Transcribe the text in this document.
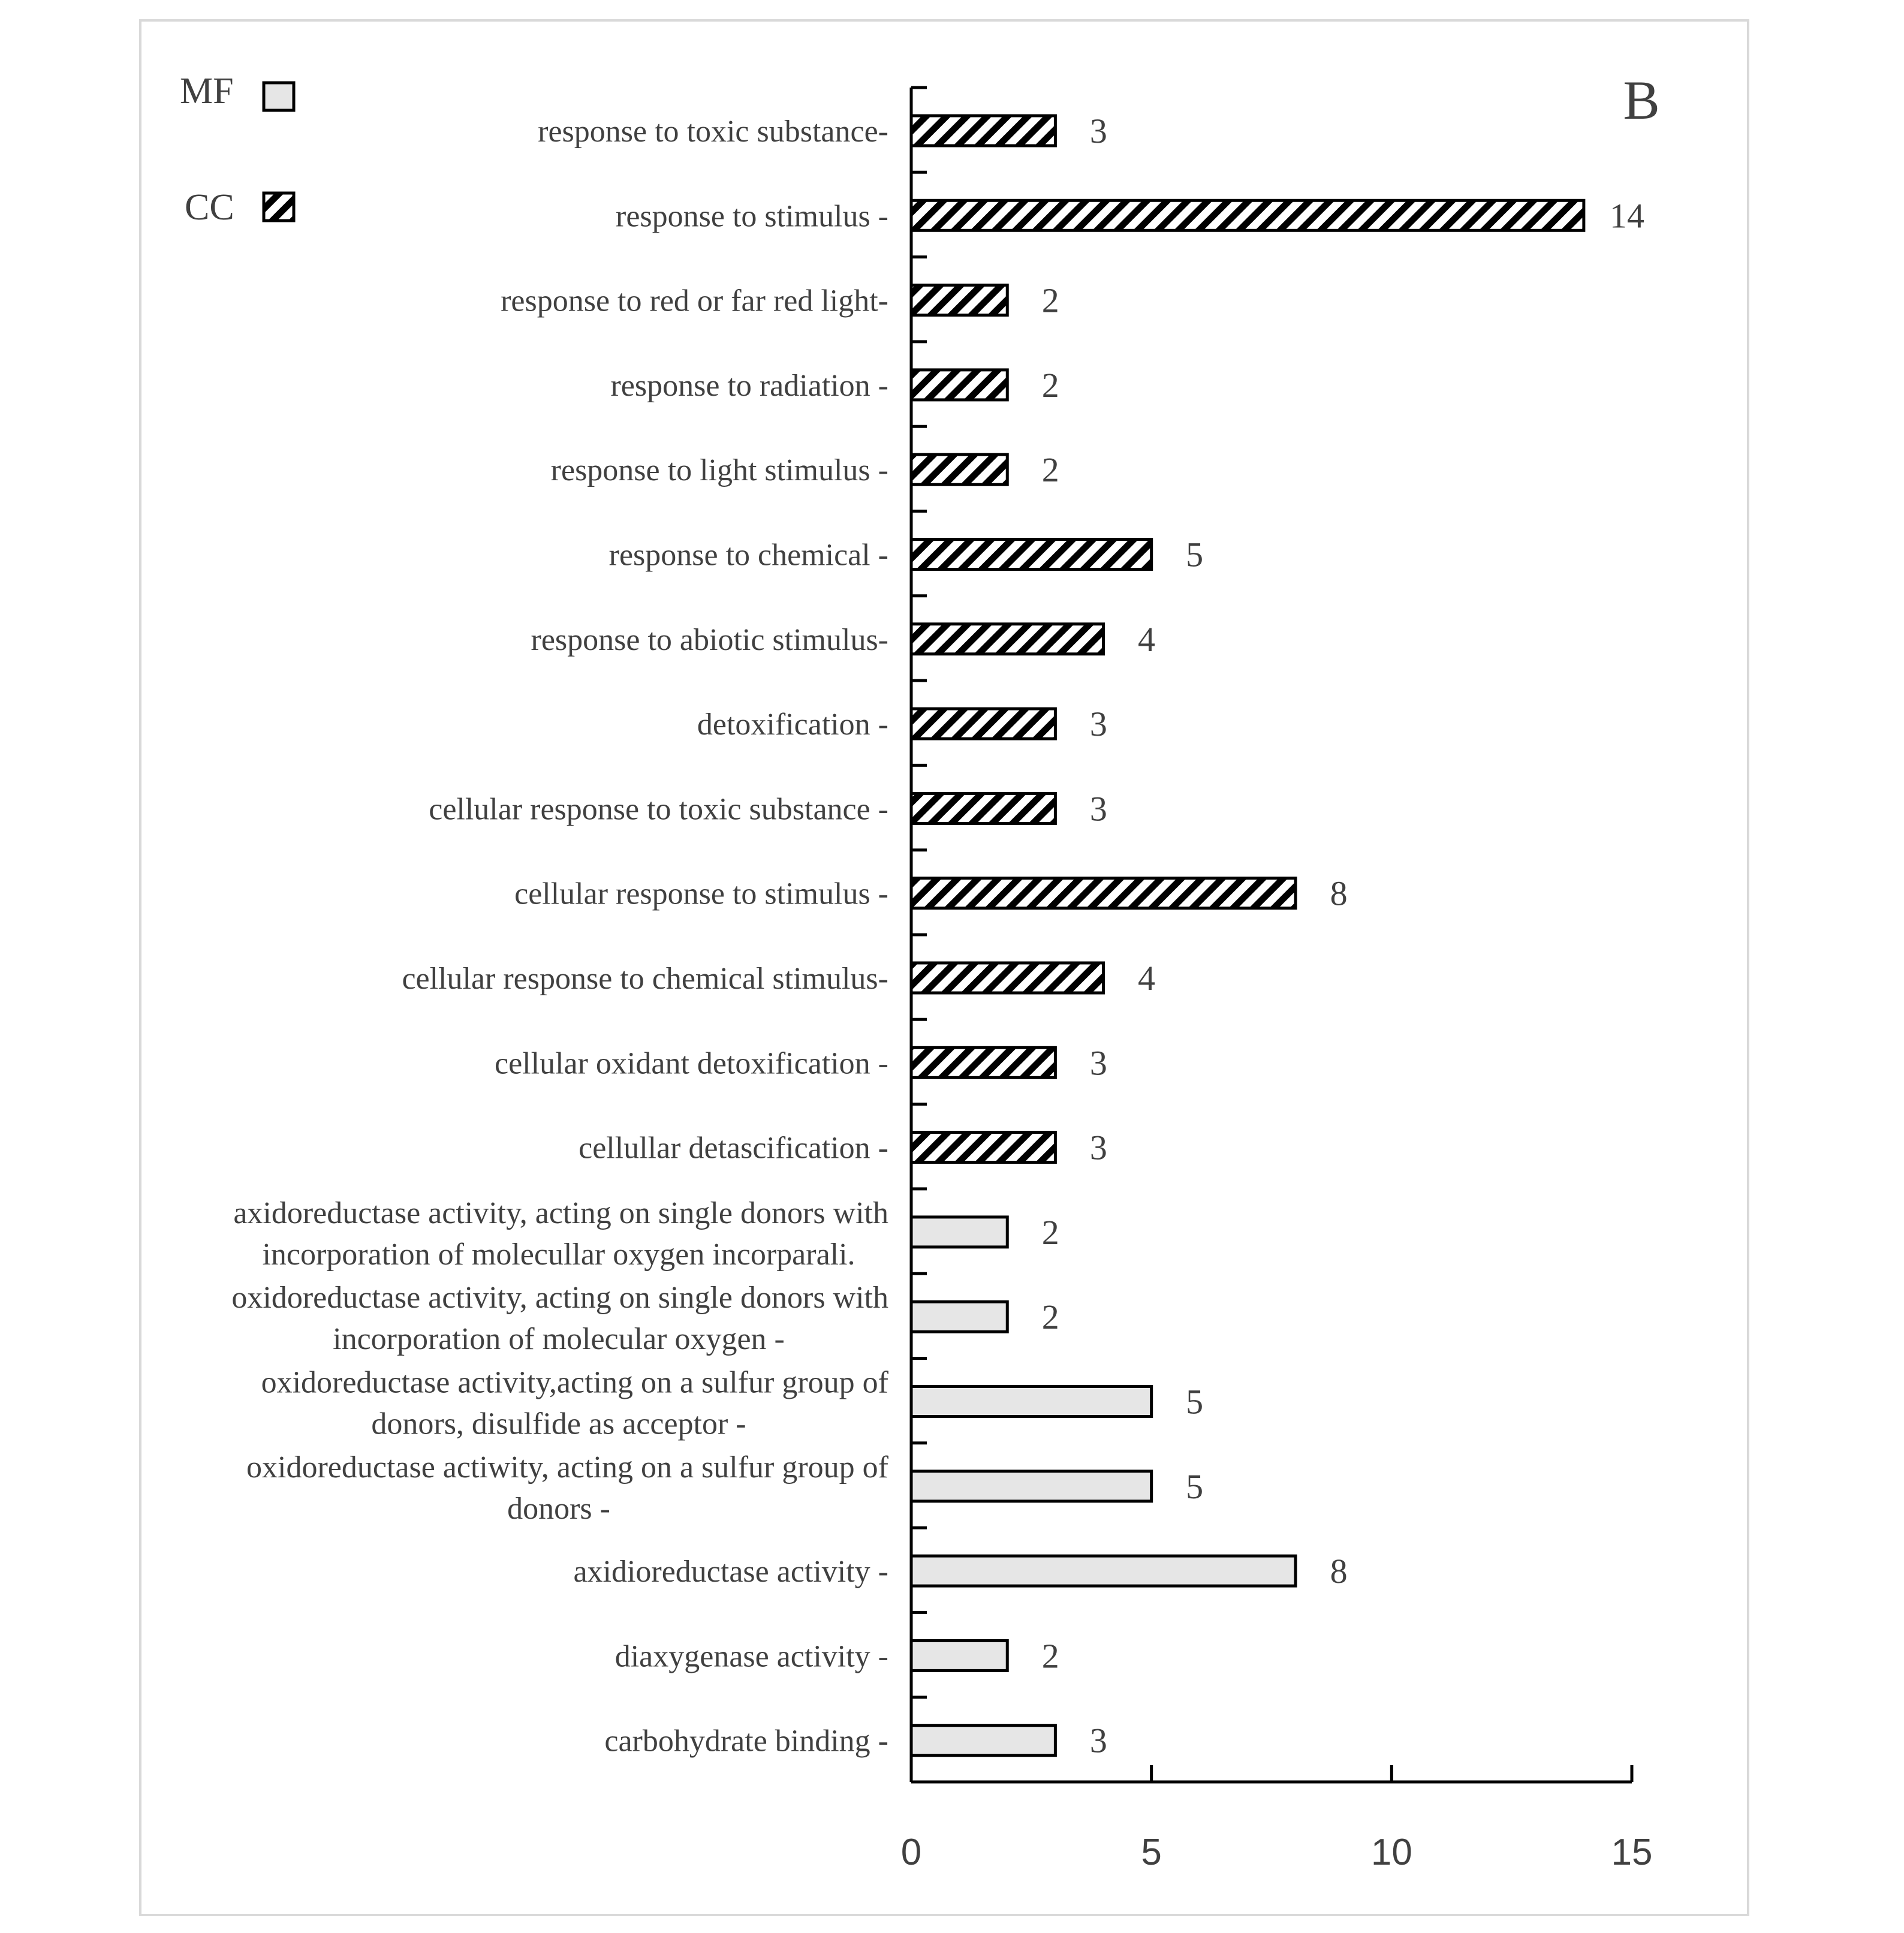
MF
CC
response to toxic substance-
response to stimulus -
response to red or far red light-
response to radiation -
response to light stimulus -
response to chemical -
response to abiotic stimulus-
detoxification -
cellular response to toxic substance -
cellular response to stimulus -
cellular response to chemical stimulus-
cellular oxidant detoxification -
cellullar detascification -
axidoreductase activity, acting on single donors with
incorporation of molecullar oxygen incorparali.
oxidoreductase activity, acting on single donors with
incorporation of molecular oxygen -
oxidoreductase activity,acting on a sulfur group of
donors, disulfide as acceptor -
oxidoreductase actiwity, acting on a sulfur group of
donors -
axidioreductase activity -
diaxygenase activity -
carbohydrate binding -
3
14
2
2
2
5
4
3
3
8
4
3
3
2
2
5
5
8
2
3
0	5	10	15
B
